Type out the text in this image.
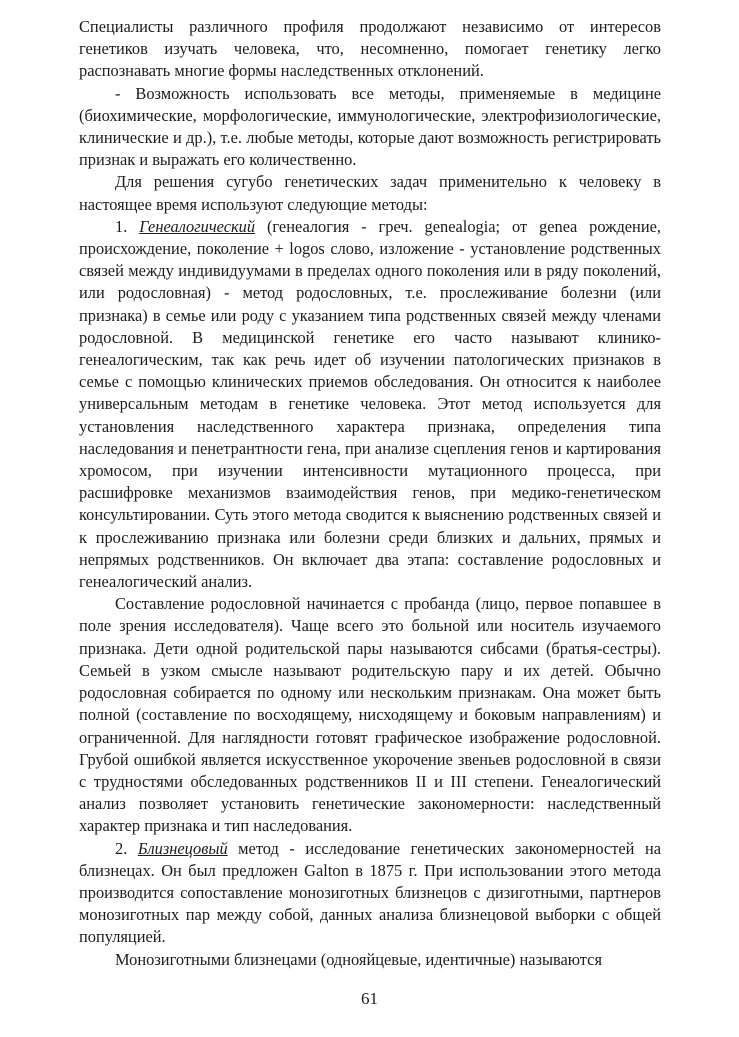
Специалисты различного профиля продолжают независимо от интересов генетиков изучать человека, что, несомненно, помогает генетику легко распознавать многие формы наследственных отклонений.

- Возможность использовать все методы, применяемые в медицине (биохимические, морфологические, иммунологические, электрофизиологические, клинические и др.), т.е. любые методы, которые дают возможность регистрировать признак и выражать его количественно.

Для решения сугубо генетических задач применительно к человеку в настоящее время используют следующие методы:

1. Генеалогический (генеалогия - греч. genealogia; от genea рождение, происхождение, поколение + logos слово, изложение - установление родственных связей между индивидуумами в пределах одного поколения или в ряду поколений, или родословная) - метод родословных, т.е. прослеживание болезни (или признака) в семье или роду с указанием типа родственных связей между членами родословной. В медицинской генетике его часто называют клинико-генеалогическим, так как речь идет об изучении патологических признаков в семье с помощью клинических приемов обследования. Он относится к наиболее универсальным методам в генетике человека. Этот метод используется для установления наследственного характера признака, определения типа наследования и пенетрантности гена, при анализе сцепления генов и картирования хромосом, при изучении интенсивности мутационного процесса, при расшифровке механизмов взаимодействия генов, при медико-генетическом консультировании. Суть этого метода сводится к выяснению родственных связей и к прослеживанию признака или болезни среди близких и дальних, прямых и непрямых родственников. Он включает два этапа: составление родословных и генеалогический анализ.

Составление родословной начинается с пробанда (лицо, первое попавшее в поле зрения исследователя). Чаще всего это больной или носитель изучаемого признака. Дети одной родительской пары называются сибсами (братья-сестры). Семьей в узком смысле называют родительскую пару и их детей. Обычно родословная собирается по одному или нескольким признакам. Она может быть полной (составление по восходящему, нисходящему и боковым направлениям) и ограниченной. Для наглядности готовят графическое изображение родословной. Грубой ошибкой является искусственное укорочение звеньев родословной в связи с трудностями обследованных родственников II и III степени. Генеалогический анализ позволяет установить генетические закономерности: наследственный характер признака и тип наследования.

2. Близнецовый метод - исследование генетических закономерностей на близнецах. Он был предложен Galton в 1875 г. При использовании этого метода производится сопоставление монозиготных близнецов с дизиготными, партнеров монозиготных пар между собой, данных анализа близнецовой выборки с общей популяцией.

Монозиготными близнецами (однояйцевые, идентичные) называются

61
